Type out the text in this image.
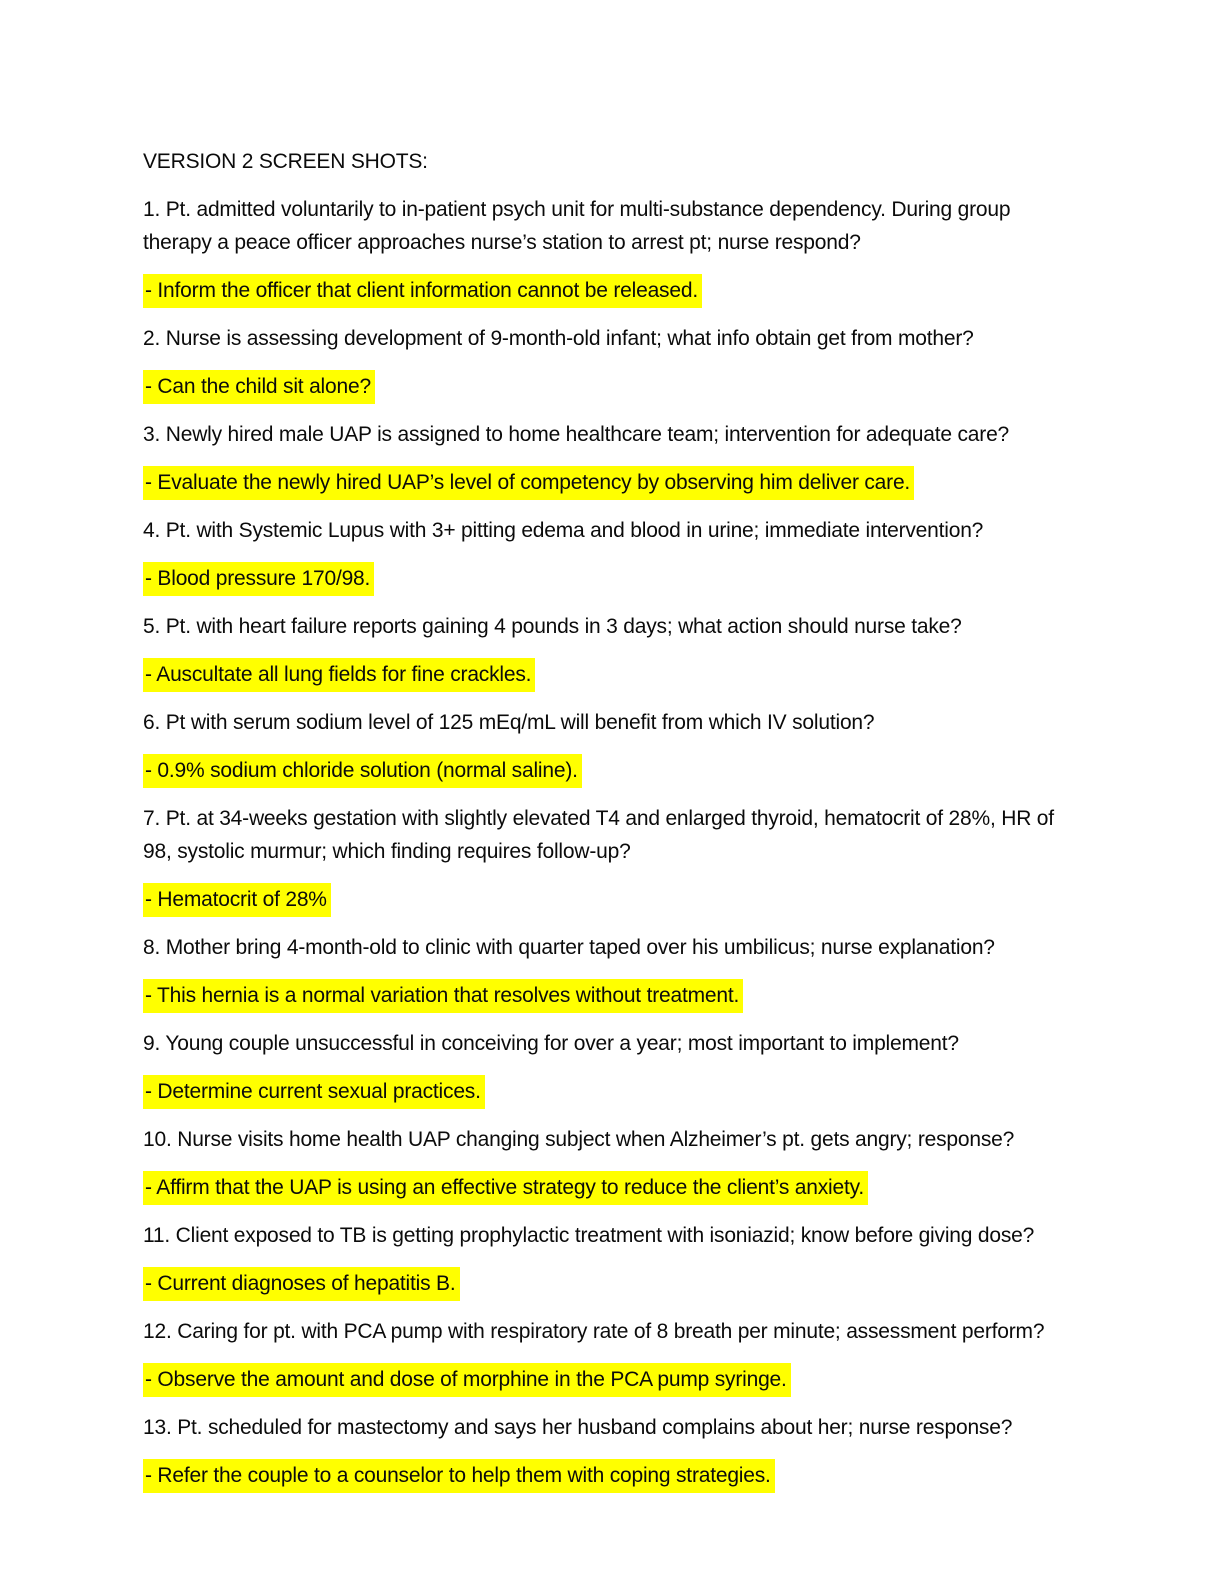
VERSION 2 SCREEN SHOTS:

1. Pt. admitted voluntarily to in-patient psych unit for multi-substance dependency. During group therapy a peace officer approaches nurse’s station to arrest pt; nurse respond?

- Inform the officer that client information cannot be released.

2. Nurse is assessing development of 9-month-old infant; what info obtain get from mother?

- Can the child sit alone?

3. Newly hired male UAP is assigned to home healthcare team; intervention for adequate care?

- Evaluate the newly hired UAP’s level of competency by observing him deliver care.

4. Pt. with Systemic Lupus with 3+ pitting edema and blood in urine; immediate intervention?

- Blood pressure 170/98.

5. Pt. with heart failure reports gaining 4 pounds in 3 days; what action should nurse take?

- Auscultate all lung fields for fine crackles.

6. Pt with serum sodium level of 125 mEq/mL will benefit from which IV solution?

- 0.9% sodium chloride solution (normal saline).

7. Pt. at 34-weeks gestation with slightly elevated T4 and enlarged thyroid, hematocrit of 28%, HR of 98, systolic murmur; which finding requires follow-up?

- Hematocrit of 28%

8. Mother bring 4-month-old to clinic with quarter taped over his umbilicus; nurse explanation?

- This hernia is a normal variation that resolves without treatment.

9. Young couple unsuccessful in conceiving for over a year; most important to implement?

- Determine current sexual practices.

10. Nurse visits home health UAP changing subject when Alzheimer’s pt. gets angry; response?

- Affirm that the UAP is using an effective strategy to reduce the client’s anxiety.

11. Client exposed to TB is getting prophylactic treatment with isoniazid; know before giving dose?

- Current diagnoses of hepatitis B.

12. Caring for pt. with PCA pump with respiratory rate of 8 breath per minute; assessment perform?

- Observe the amount and dose of morphine in the PCA pump syringe.

13. Pt. scheduled for mastectomy and says her husband complains about her; nurse response?

- Refer the couple to a counselor to help them with coping strategies.
